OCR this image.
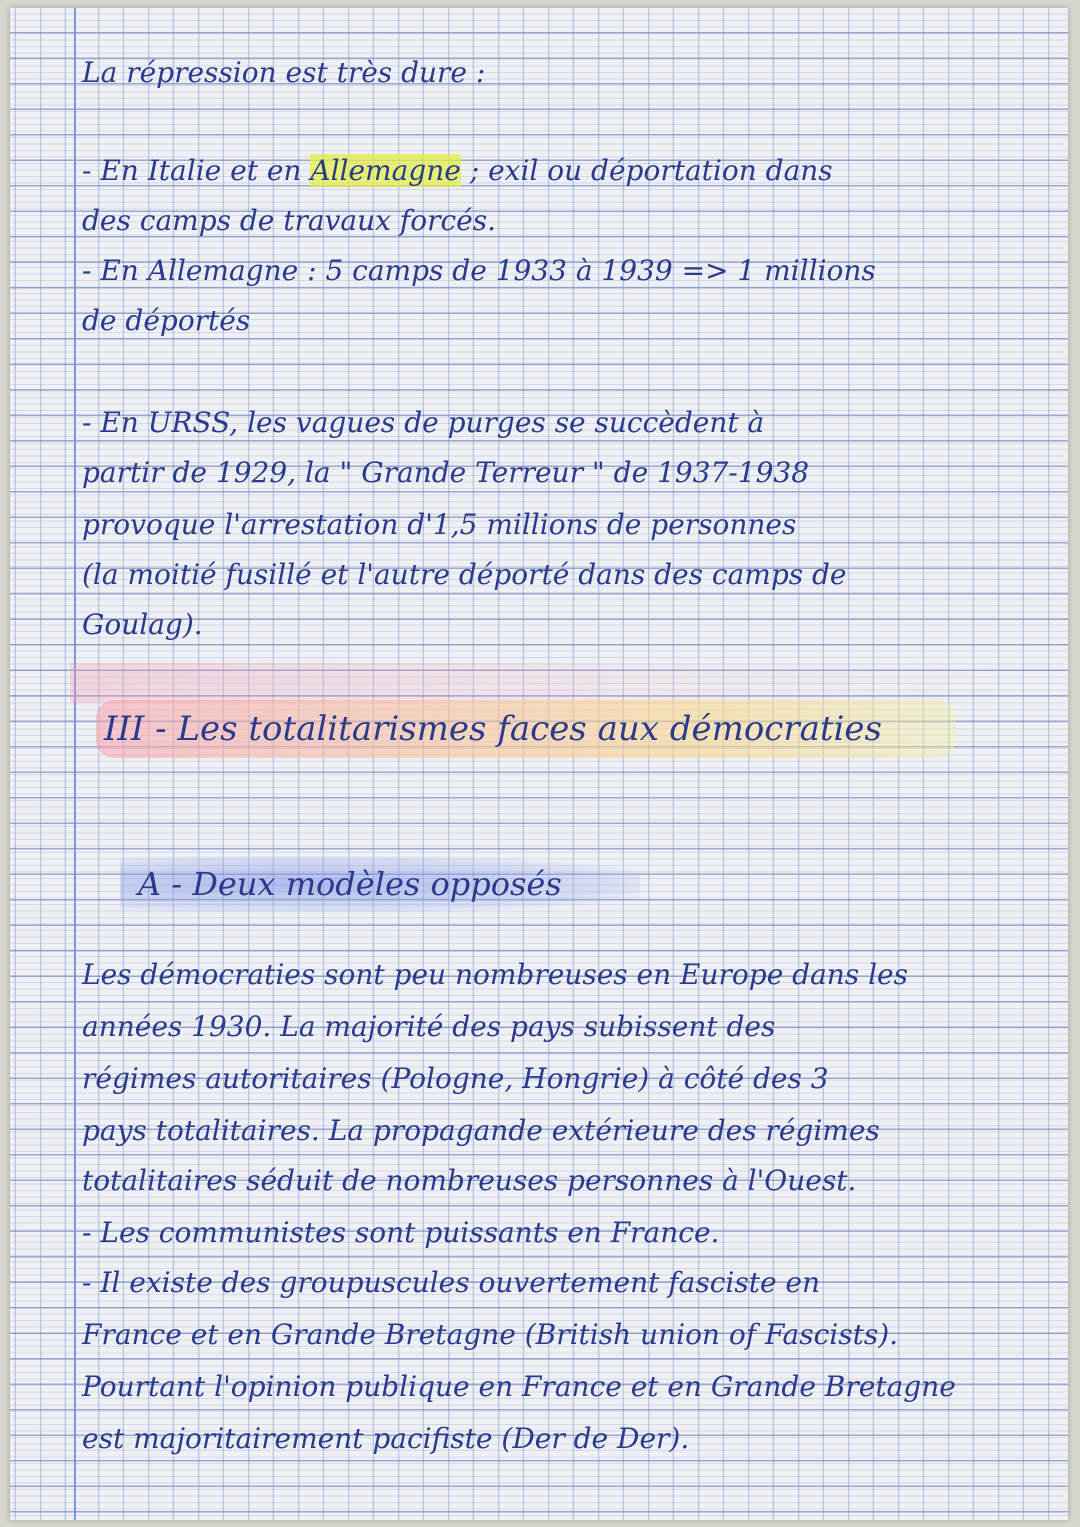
La répression est très dure :
- En Italie et en Allemagne ; exil ou déportation dans
des camps de travaux forcés.
- En Allemagne : 5 camps de 1933 à 1939 => 1 millions
de déportés
- En URSS, les vagues de purges se succèdent à
partir de 1929, la " Grande Terreur " de 1937-1938
provoque l'arrestation d'1,5 millions de personnes
(la moitié fusillé et l'autre déporté dans des camps de
Goulag).
III - Les totalitarismes faces aux démocraties
A - Deux modèles opposés
Les démocraties sont peu nombreuses en Europe dans les
années 1930. La majorité des pays subissent des
régimes autoritaires (Pologne, Hongrie) à côté des 3
pays totalitaires. La propagande extérieure des régimes
totalitaires séduit de nombreuses personnes à l'Ouest.
- Les communistes sont puissants en France.
- Il existe des groupuscules ouvertement fasciste en
France et en Grande Bretagne (British union of Fascists).
Pourtant l'opinion publique en France et en Grande Bretagne
est majoritairement pacifiste (Der de Der).
